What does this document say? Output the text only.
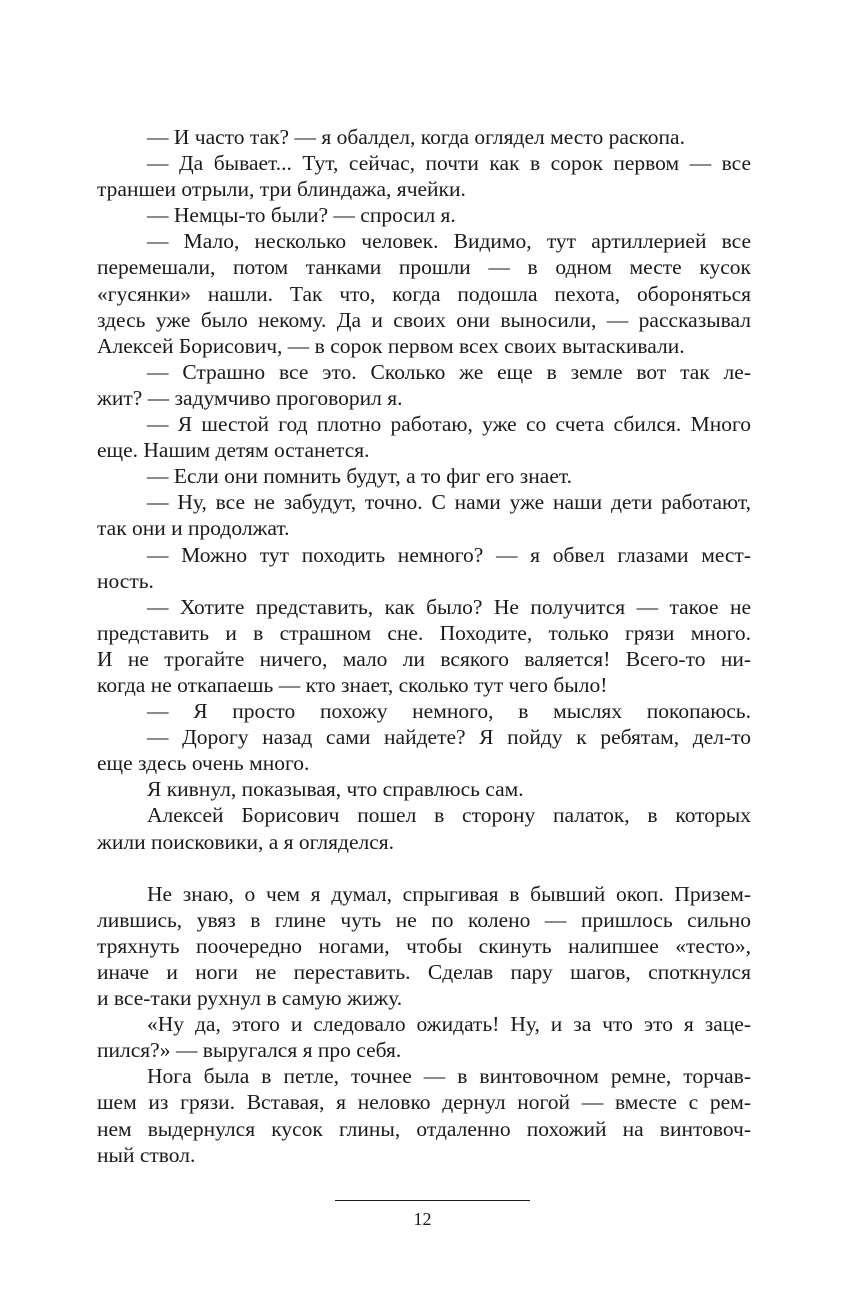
— И часто так? — я обалдел, когда оглядел место раскопа.
— Да бывает... Тут, сейчас, почти как в сорок первом — все
траншеи отрыли, три блиндажа, ячейки.
— Немцы-то были? — спросил я.
— Мало, несколько человек. Видимо, тут артиллерией все
перемешали, потом танками прошли — в одном месте кусок
«гусянки» нашли. Так что, когда подошла пехота, обороняться
здесь уже было некому. Да и своих они выносили, — рассказывал
Алексей Борисович, — в сорок первом всех своих вытаскивали.
— Страшно все это. Сколько же еще в земле вот так ле-
жит? — задумчиво проговорил я.
— Я шестой год плотно работаю, уже со счета сбился. Много
еще. Нашим детям останется.
— Если они помнить будут, а то фиг его знает.
— Ну, все не забудут, точно. С нами уже наши дети работают,
так они и продолжат.
— Можно тут походить немного? — я обвел глазами мест-
ность.
— Хотите представить, как было? Не получится — такое не
представить и в страшном сне. Походите, только грязи много.
И не трогайте ничего, мало ли всякого валяется! Всего-то ни-
когда не откапаешь — кто знает, сколько тут чего было!
— Я просто похожу немного, в мыслях покопаюсь.
— Дорогу назад сами найдете? Я пойду к ребятам, дел-то
еще здесь очень много.
Я кивнул, показывая, что справлюсь сам.
Алексей Борисович пошел в сторону палаток, в которых
жили поисковики, а я огляделся.
Не знаю, о чем я думал, спрыгивая в бывший окоп. Призем-
лившись, увяз в глине чуть не по колено — пришлось сильно
тряхнуть поочередно ногами, чтобы скинуть налипшее «тесто»,
иначе и ноги не переставить. Сделав пару шагов, споткнулся
и все-таки рухнул в самую жижу.
«Ну да, этого и следовало ожидать! Ну, и за что это я зацe-
пился?» — выругался я про себя.
Нога была в петле, точнее — в винтовочном ремне, торчав-
шем из грязи. Вставая, я неловко дернул ногой — вместе с рем-
нем выдернулся кусок глины, отдаленно похожий на винтовоч-
ный ствол.
12
